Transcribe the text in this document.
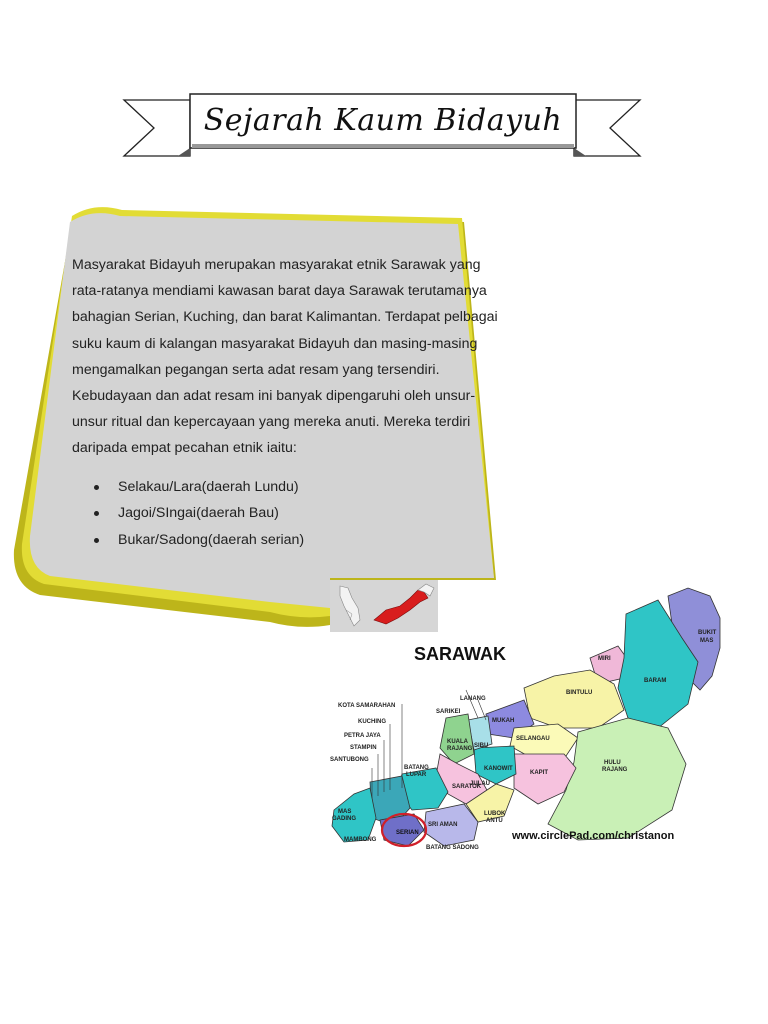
Sejarah Kaum Bidayuh

Masyarakat Bidayuh merupakan masyarakat etnik Sarawak yang rata-ratanya mendiami kawasan barat daya Sarawak terutamanya bahagian Serian, Kuching, dan barat Kalimantan. Terdapat pelbagai suku kaum di kalangan masyarakat Bidayuh dan masing-masing mengamalkan pegangan serta adat resam yang tersendiri. Kebudayaan dan adat resam ini banyak dipengaruhi oleh unsur-unsur ritual dan kepercayaan yang mereka anuti. Mereka terdiri daripada empat pecahan etnik iaitu:

Selakau/Lara(daerah Lundu)
Jagoi/SIngai(daerah Bau)
Bukar/Sadong(daerah serian)
SARAWAK
KOTA SAMARAHAN
KUCHING
PETRA JAYA
STAMPIN
SANTUBONG
MAS
GADING
MAMBONG
SERIAN
BATANG SADONG
BATANG
LUPAR
SRI AMAN
LUBOK
ANTU
JULAU
SARATOK
KANOWIT
SIBU
KUALA
RAJANG
SARIKEI
LANANG
MUKAH
SELANGAU
KAPIT
BINTULU
MIRI
BARAM
BUKIT
MAS
HULU
RAJANG
www.circlePad.com/christanon
